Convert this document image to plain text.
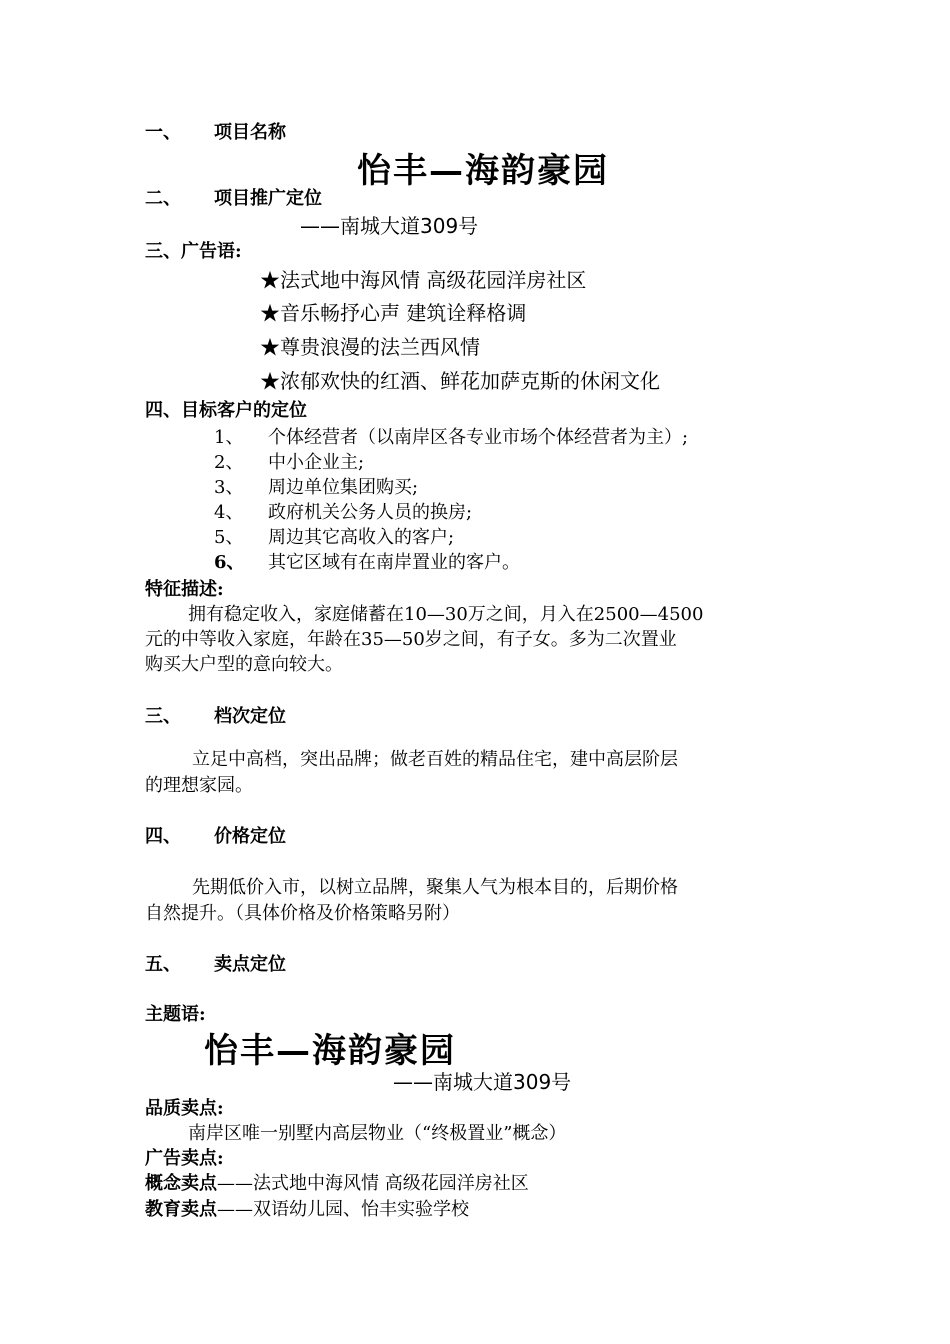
一、 项目名称
怡丰—海韵豪园
二、 项目推广定位
——南城大道309号
三、广告语:
★法式地中海风情 高级花园洋房社区
★音乐畅抒心声 建筑诠释格调
★尊贵浪漫的法兰西风情
★浓郁欢快的红酒、鲜花加萨克斯的休闲文化
四、目标客户的定位
1、 个体经营者（以南岸区各专业市场个体经营者为主）;
2、 中小企业主;
3、 周边单位集团购买;
4、 政府机关公务人员的换房;
5、 周边其它高收入的客户;
6、 其它区域有在南岸置业的客户。
特征描述:
拥有稳定收入，家庭储蓄在10—30万之间，月入在2500—4500
元的中等收入家庭，年龄在35—50岁之间，有子女。多为二次置业
购买大户型的意向较大。
三、 档次定位
立足中高档，突出品牌；做老百姓的精品住宅，建中高层阶层
的理想家园。
四、 价格定位
先期低价入市，以树立品牌，聚集人气为根本目的，后期价格
自然提升。（具体价格及价格策略另附）
五、 卖点定位
主题语:
怡丰—海韵豪园
——南城大道309号
品质卖点:
南岸区唯一别墅内高层物业（“终极置业”概念）
广告卖点:
概念卖点——法式地中海风情 高级花园洋房社区
教育卖点——双语幼儿园、怡丰实验学校
